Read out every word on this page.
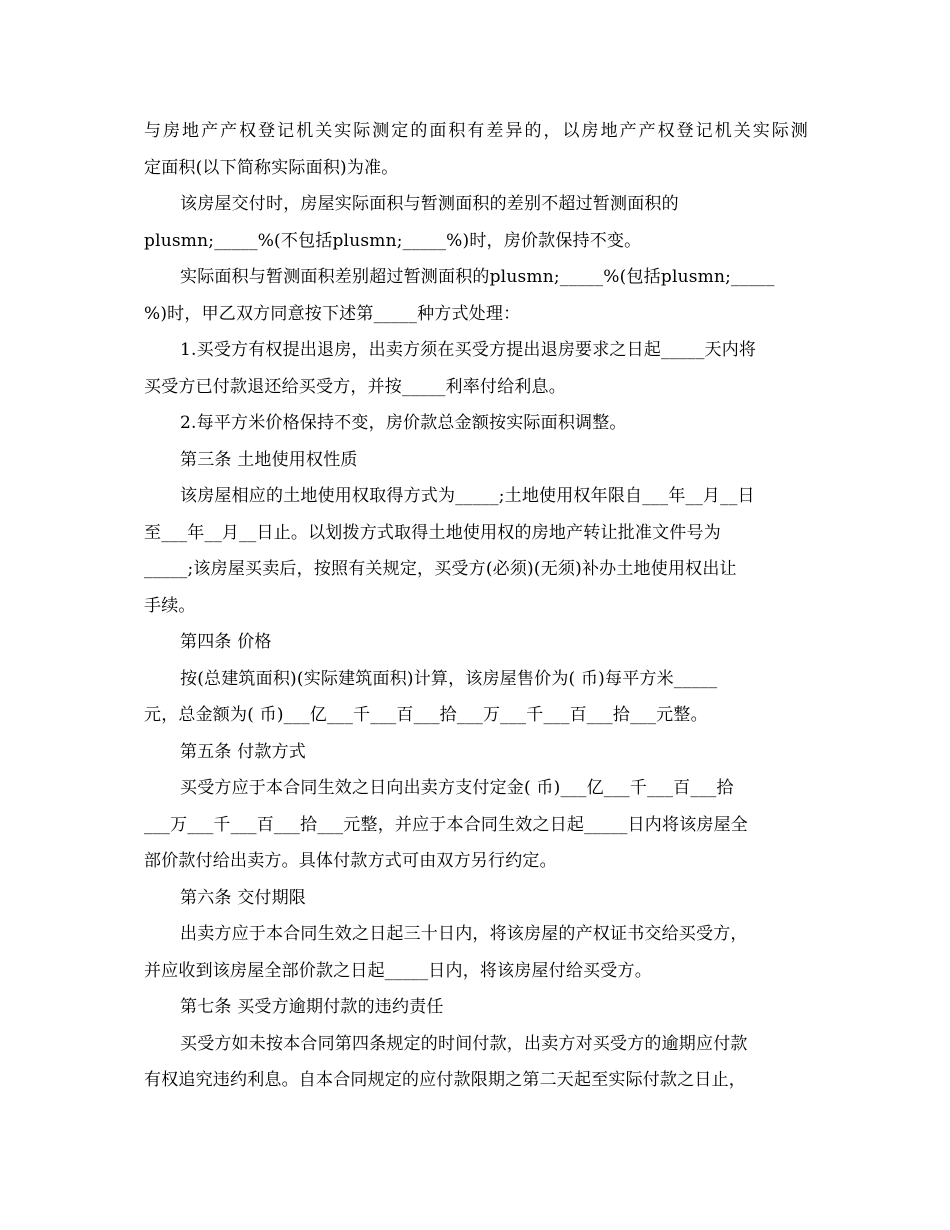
与房地产产权登记机关实际测定的面积有差异的，以房地产产权登记机关实际测
定面积(以下简称实际面积)为准。
该房屋交付时，房屋实际面积与暂测面积的差别不超过暂测面积的
plusmn;_____%(不包括plusmn;_____%)时，房价款保持不变。
实际面积与暂测面积差别超过暂测面积的plusmn;_____%(包括plusmn;_____
%)时，甲乙双方同意按下述第_____种方式处理：
1.买受方有权提出退房，出卖方须在买受方提出退房要求之日起_____天内将
买受方已付款退还给买受方，并按_____利率付给利息。
2.每平方米价格保持不变，房价款总金额按实际面积调整。
第三条 土地使用权性质
该房屋相应的土地使用权取得方式为_____;土地使用权年限自___年__月__日
至___年__月__日止。以划拨方式取得土地使用权的房地产转让批准文件号为
_____;该房屋买卖后，按照有关规定，买受方(必须)(无须)补办土地使用权出让
手续。
第四条 价格
按(总建筑面积)(实际建筑面积)计算，该房屋售价为( 币)每平方米_____
元，总金额为( 币)___亿___千___百___拾___万___千___百___拾___元整。
第五条 付款方式
买受方应于本合同生效之日向出卖方支付定金( 币)___亿___千___百___拾
___万___千___百___拾___元整，并应于本合同生效之日起_____日内将该房屋全
部价款付给出卖方。具体付款方式可由双方另行约定。
第六条 交付期限
出卖方应于本合同生效之日起三十日内，将该房屋的产权证书交给买受方，
并应收到该房屋全部价款之日起_____日内，将该房屋付给买受方。
第七条 买受方逾期付款的违约责任
买受方如未按本合同第四条规定的时间付款，出卖方对买受方的逾期应付款
有权追究违约利息。自本合同规定的应付款限期之第二天起至实际付款之日止，
